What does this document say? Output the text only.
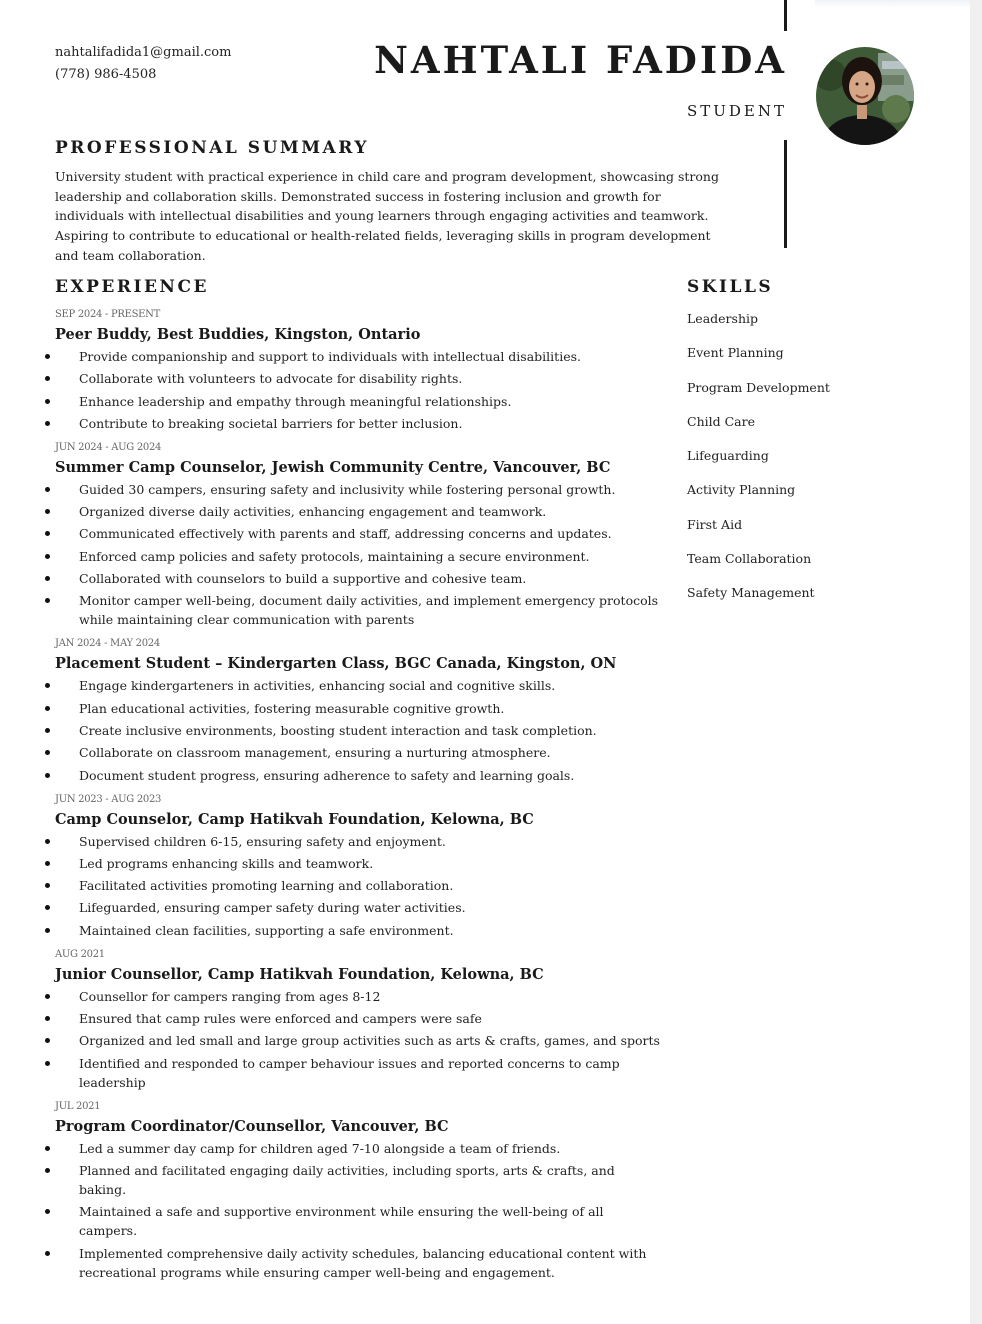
nahtalifadida1@gmail.com
(778) 986-4508	NAHTALI FADIDA
STUDENT
PROFESSIONAL SUMMARY

University student with practical experience in child care and program development, showcasing strong leadership and collaboration skills. Demonstrated success in fostering inclusion and growth for individuals with intellectual disabilities and young learners through engaging activities and teamwork. Aspiring to contribute to educational or health-related fields, leveraging skills in program development and team collaboration.

EXPERIENCE	SKILLS
SEP 2024 - PRESENT
Peer Buddy, Best Buddies, Kingston, Ontario
Provide companionship and support to individuals with intellectual disabilities.
Collaborate with volunteers to advocate for disability rights.
Enhance leadership and empathy through meaningful relationships.
Contribute to breaking societal barriers for better inclusion.
JUN 2024 - AUG 2024
Summer Camp Counselor, Jewish Community Centre, Vancouver, BC
Guided 30 campers, ensuring safety and inclusivity while fostering personal growth.
Organized diverse daily activities, enhancing engagement and teamwork.
Communicated effectively with parents and staff, addressing concerns and updates.
Enforced camp policies and safety protocols, maintaining a secure environment.
Collaborated with counselors to build a supportive and cohesive team.
Monitor camper well-being, document daily activities, and implement emergency protocols while maintaining clear communication with parents
JAN 2024 - MAY 2024
Placement Student – Kindergarten Class, BGC Canada, Kingston, ON
Engage kindergarteners in activities, enhancing social and cognitive skills.
Plan educational activities, fostering measurable cognitive growth.
Create inclusive environments, boosting student interaction and task completion.
Collaborate on classroom management, ensuring a nurturing atmosphere.
Document student progress, ensuring adherence to safety and learning goals.
JUN 2023 - AUG 2023
Camp Counselor, Camp Hatikvah Foundation, Kelowna, BC
Supervised children 6-15, ensuring safety and enjoyment.
Led programs enhancing skills and teamwork.
Facilitated activities promoting learning and collaboration.
Lifeguarded, ensuring camper safety during water activities.
Maintained clean facilities, supporting a safe environment.
AUG 2021
Junior Counsellor, Camp Hatikvah Foundation, Kelowna, BC
Counsellor for campers ranging from ages 8-12
Ensured that camp rules were enforced and campers were safe
Organized and led small and large group activities such as arts & crafts, games, and sports
Identified and responded to camper behaviour issues and reported concerns to camp leadership
JUL 2021
Program Coordinator/Counsellor, Vancouver, BC
Led a summer day camp for children aged 7-10 alongside a team of friends.
Planned and facilitated engaging daily activities, including sports, arts & crafts, and baking.
Maintained a safe and supportive environment while ensuring the well-being of all campers.
Implemented comprehensive daily activity schedules, balancing educational content with recreational programs while ensuring camper well-being and engagement.
Leadership
Event Planning
Program Development
Child Care
Lifeguarding
Activity Planning
First Aid
Team Collaboration
Safety Management
